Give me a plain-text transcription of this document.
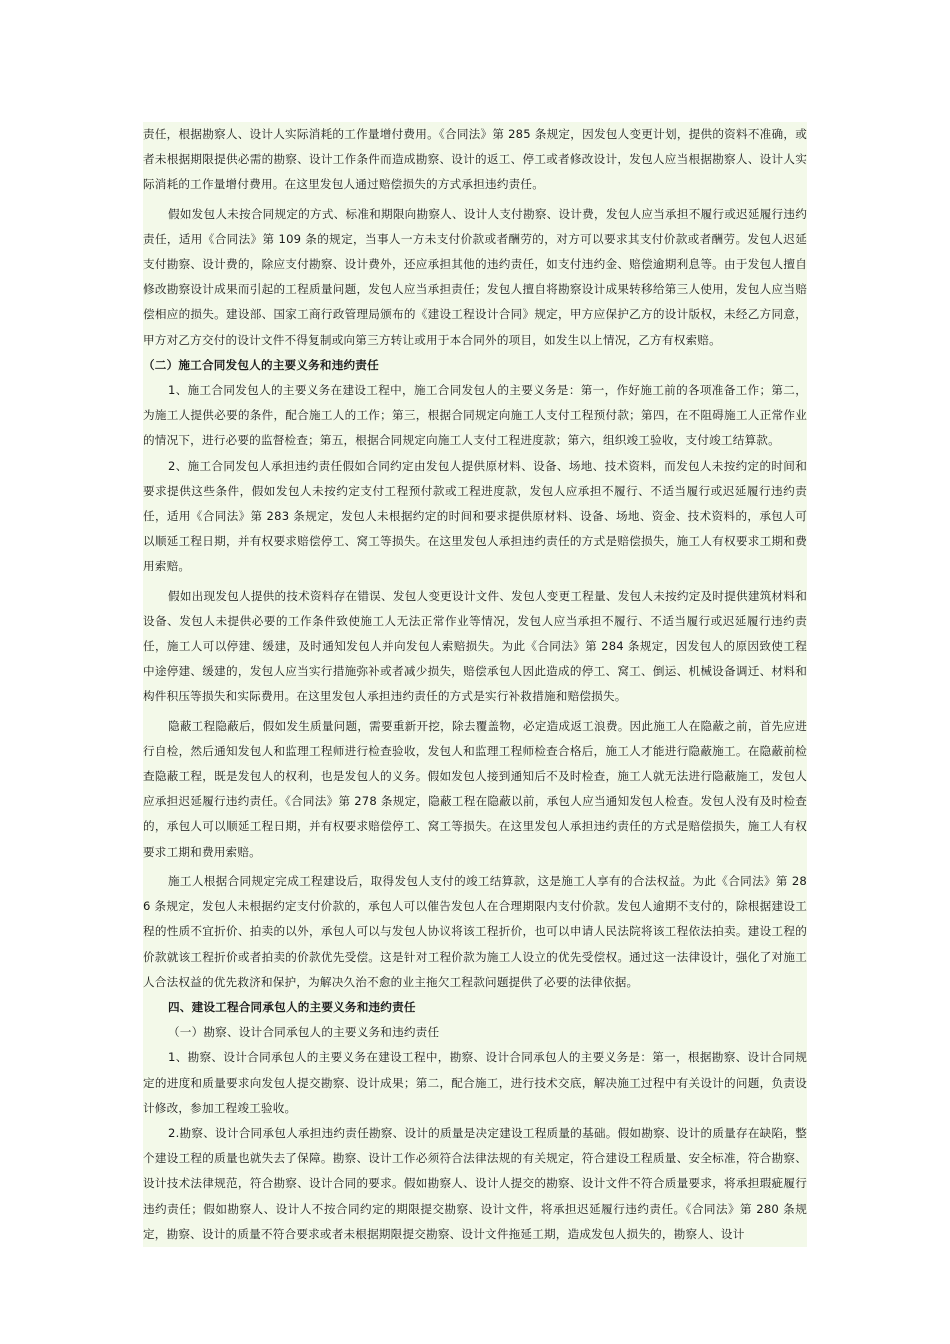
责任，根据勘察人、设计人实际消耗的工作量增付费用。《合同法》第 285 条规定，因发包人变更计划，提供的资料不准确，或者未根据期限提供必需的勘察、设计工作条件而造成勘察、设计的返工、停工或者修改设计，发包人应当根据勘察人、设计人实际消耗的工作量增付费用。在这里发包人通过赔偿损失的方式承担违约责任。

假如发包人未按合同规定的方式、标准和期限向勘察人、设计人支付勘察、设计费，发包人应当承担不履行或迟延履行违约责任，适用《合同法》第 109 条的规定，当事人一方未支付价款或者酬劳的，对方可以要求其支付价款或者酬劳。发包人迟延支付勘察、设计费的，除应支付勘察、设计费外，还应承担其他的违约责任，如支付违约金、赔偿逾期利息等。由于发包人擅自修改勘察设计成果而引起的工程质量问题，发包人应当承担责任；发包人擅自将勘察设计成果转移给第三人使用，发包人应当赔偿相应的损失。建设部、国家工商行政管理局颁布的《建设工程设计合同》规定，甲方应保护乙方的设计版权，未经乙方同意，甲方对乙方交付的设计文件不得复制或向第三方转让或用于本合同外的项目，如发生以上情况，乙方有权索赔。

（二）施工合同发包人的主要义务和违约责任

1、施工合同发包人的主要义务在建设工程中，施工合同发包人的主要义务是：第一，作好施工前的各项准备工作；第二，为施工人提供必要的条件，配合施工人的工作；第三，根据合同规定向施工人支付工程预付款；第四，在不阻碍施工人正常作业的情况下，进行必要的监督检查；第五，根据合同规定向施工人支付工程进度款；第六，组织竣工验收，支付竣工结算款。

2、施工合同发包人承担违约责任假如合同约定由发包人提供原材料、设备、场地、技术资料，而发包人未按约定的时间和要求提供这些条件，假如发包人未按约定支付工程预付款或工程进度款，发包人应承担不履行、不适当履行或迟延履行违约责任，适用《合同法》第 283 条规定，发包人未根据约定的时间和要求提供原材料、设备、场地、资金、技术资料的，承包人可以顺延工程日期，并有权要求赔偿停工、窝工等损失。在这里发包人承担违约责任的方式是赔偿损失，施工人有权要求工期和费用索赔。

假如出现发包人提供的技术资料存在错误、发包人变更设计文件、发包人变更工程量、发包人未按约定及时提供建筑材料和设备、发包人未提供必要的工作条件致使施工人无法正常作业等情况，发包人应当承担不履行、不适当履行或迟延履行违约责任，施工人可以停建、缓建，及时通知发包人并向发包人索赔损失。为此《合同法》第 284 条规定，因发包人的原因致使工程中途停建、缓建的，发包人应当实行措施弥补或者减少损失，赔偿承包人因此造成的停工、窝工、倒运、机械设备调迁、材料和构件积压等损失和实际费用。在这里发包人承担违约责任的方式是实行补救措施和赔偿损失。

隐蔽工程隐蔽后，假如发生质量问题，需要重新开挖，除去覆盖物，必定造成返工浪费。因此施工人在隐蔽之前，首先应进行自检，然后通知发包人和监理工程师进行检查验收，发包人和监理工程师检查合格后，施工人才能进行隐蔽施工。在隐蔽前检查隐蔽工程，既是发包人的权利，也是发包人的义务。假如发包人接到通知后不及时检查，施工人就无法进行隐蔽施工，发包人应承担迟延履行违约责任。《合同法》第 278 条规定，隐蔽工程在隐蔽以前，承包人应当通知发包人检查。发包人没有及时检查的，承包人可以顺延工程日期，并有权要求赔偿停工、窝工等损失。在这里发包人承担违约责任的方式是赔偿损失，施工人有权要求工期和费用索赔。

施工人根据合同规定完成工程建设后，取得发包人支付的竣工结算款，这是施工人享有的合法权益。为此《合同法》第 286 条规定，发包人未根据约定支付价款的，承包人可以催告发包人在合理期限内支付价款。发包人逾期不支付的，除根据建设工程的性质不宜折价、拍卖的以外，承包人可以与发包人协议将该工程折价，也可以申请人民法院将该工程依法拍卖。建设工程的价款就该工程折价或者拍卖的价款优先受偿。这是针对工程价款为施工人设立的优先受偿权。通过这一法律设计，强化了对施工人合法权益的优先救济和保护，为解决久治不愈的业主拖欠工程款问题提供了必要的法律依据。

四、建设工程合同承包人的主要义务和违约责任

（一）勘察、设计合同承包人的主要义务和违约责任

1、勘察、设计合同承包人的主要义务在建设工程中，勘察、设计合同承包人的主要义务是：第一，根据勘察、设计合同规定的进度和质量要求向发包人提交勘察、设计成果；第二，配合施工，进行技术交底，解决施工过程中有关设计的问题，负责设计修改，参加工程竣工验收。

2.勘察、设计合同承包人承担违约责任勘察、设计的质量是决定建设工程质量的基础。假如勘察、设计的质量存在缺陷，整个建设工程的质量也就失去了保障。勘察、设计工作必须符合法律法规的有关规定，符合建设工程质量、安全标准，符合勘察、设计技术法律规范，符合勘察、设计合同的要求。假如勘察人、设计人提交的勘察、设计文件不符合质量要求，将承担瑕疵履行违约责任；假如勘察人、设计人不按合同约定的期限提交勘察、设计文件，将承担迟延履行违约责任。《合同法》第 280 条规定，勘察、设计的质量不符合要求或者未根据期限提交勘察、设计文件拖延工期，造成发包人损失的，勘察人、设计
